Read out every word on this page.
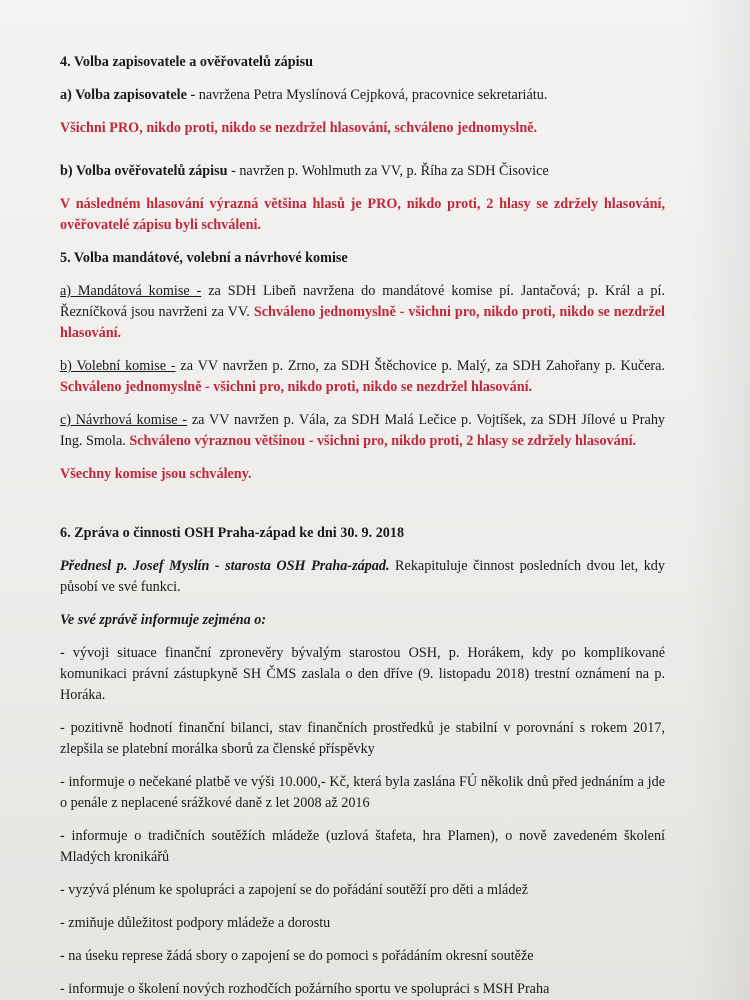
4. Volba zapisovatele a ověřovatelů zápisu

a) Volba zapisovatele - navržena Petra Myslínová Cejpková, pracovnice sekretariátu.

Všichni PRO, nikdo proti, nikdo se nezdržel hlasování, schváleno jednomyslně.

b) Volba ověřovatelů zápisu - navržen p. Wohlmuth za VV, p. Říha za SDH Čisovice

V následném hlasování výrazná většina hlasů je PRO, nikdo proti, 2 hlasy se zdržely hlasování, ověřovatelé zápisu byli schváleni.

5. Volba mandátové, volební a návrhové komise

a) Mandátová komise - za SDH Libeň navržena do mandátové komise pí. Jantačová; p. Král a pí. Řezníčková jsou navrženi za VV. Schváleno jednomyslně - všichni pro, nikdo proti, nikdo se nezdržel hlasování.

b) Volební komise - za VV navržen p. Zrno, za SDH Štěchovice p. Malý, za SDH Zahořany p. Kučera. Schváleno jednomyslně - všichni pro, nikdo proti, nikdo se nezdržel hlasování.

c) Návrhová komise - za VV navržen p. Vála, za SDH Malá Lečice p. Vojtíšek, za SDH Jílové u Prahy Ing. Smola. Schváleno výraznou většinou - všichni pro, nikdo proti, 2 hlasy se zdržely hlasování.

Všechny komise jsou schváleny.

6. Zpráva o činnosti OSH Praha-západ ke dni 30. 9. 2018

Přednesl p. Josef Myslín - starosta OSH Praha-západ. Rekapituluje činnost posledních dvou let, kdy působí ve své funkci.

Ve své zprávě informuje zejména o:

- vývoji situace finanční zpronevěry bývalým starostou OSH, p. Horákem, kdy po komplikované komunikaci právní zástupkyně SH ČMS zaslala o den dříve (9. listopadu 2018) trestní oznámení na p. Horáka.

- pozitivně hodnotí finanční bilanci, stav finančních prostředků je stabilní v porovnání s rokem 2017, zlepšila se platební morálka sborů za členské příspěvky

- informuje o nečekané platbě ve výši 10.000,- Kč, která byla zaslána FÚ několik dnů před jednáním a jde o penále z neplacené srážkové daně z let 2008 až 2016

- informuje o tradičních soutěžích mládeže (uzlová štafeta, hra Plamen), o nově zavedeném školení Mladých kronikářů

- vyzývá plénum ke spolupráci a zapojení se do pořádání soutěží pro děti a mládež

- zmiňuje důležitost podpory mládeže a dorostu

- na úseku represe žádá sbory o zapojení se do pomoci s pořádáním okresní soutěže

- informuje o školení nových rozhodčích požárního sportu ve spolupráci s MSH Praha
